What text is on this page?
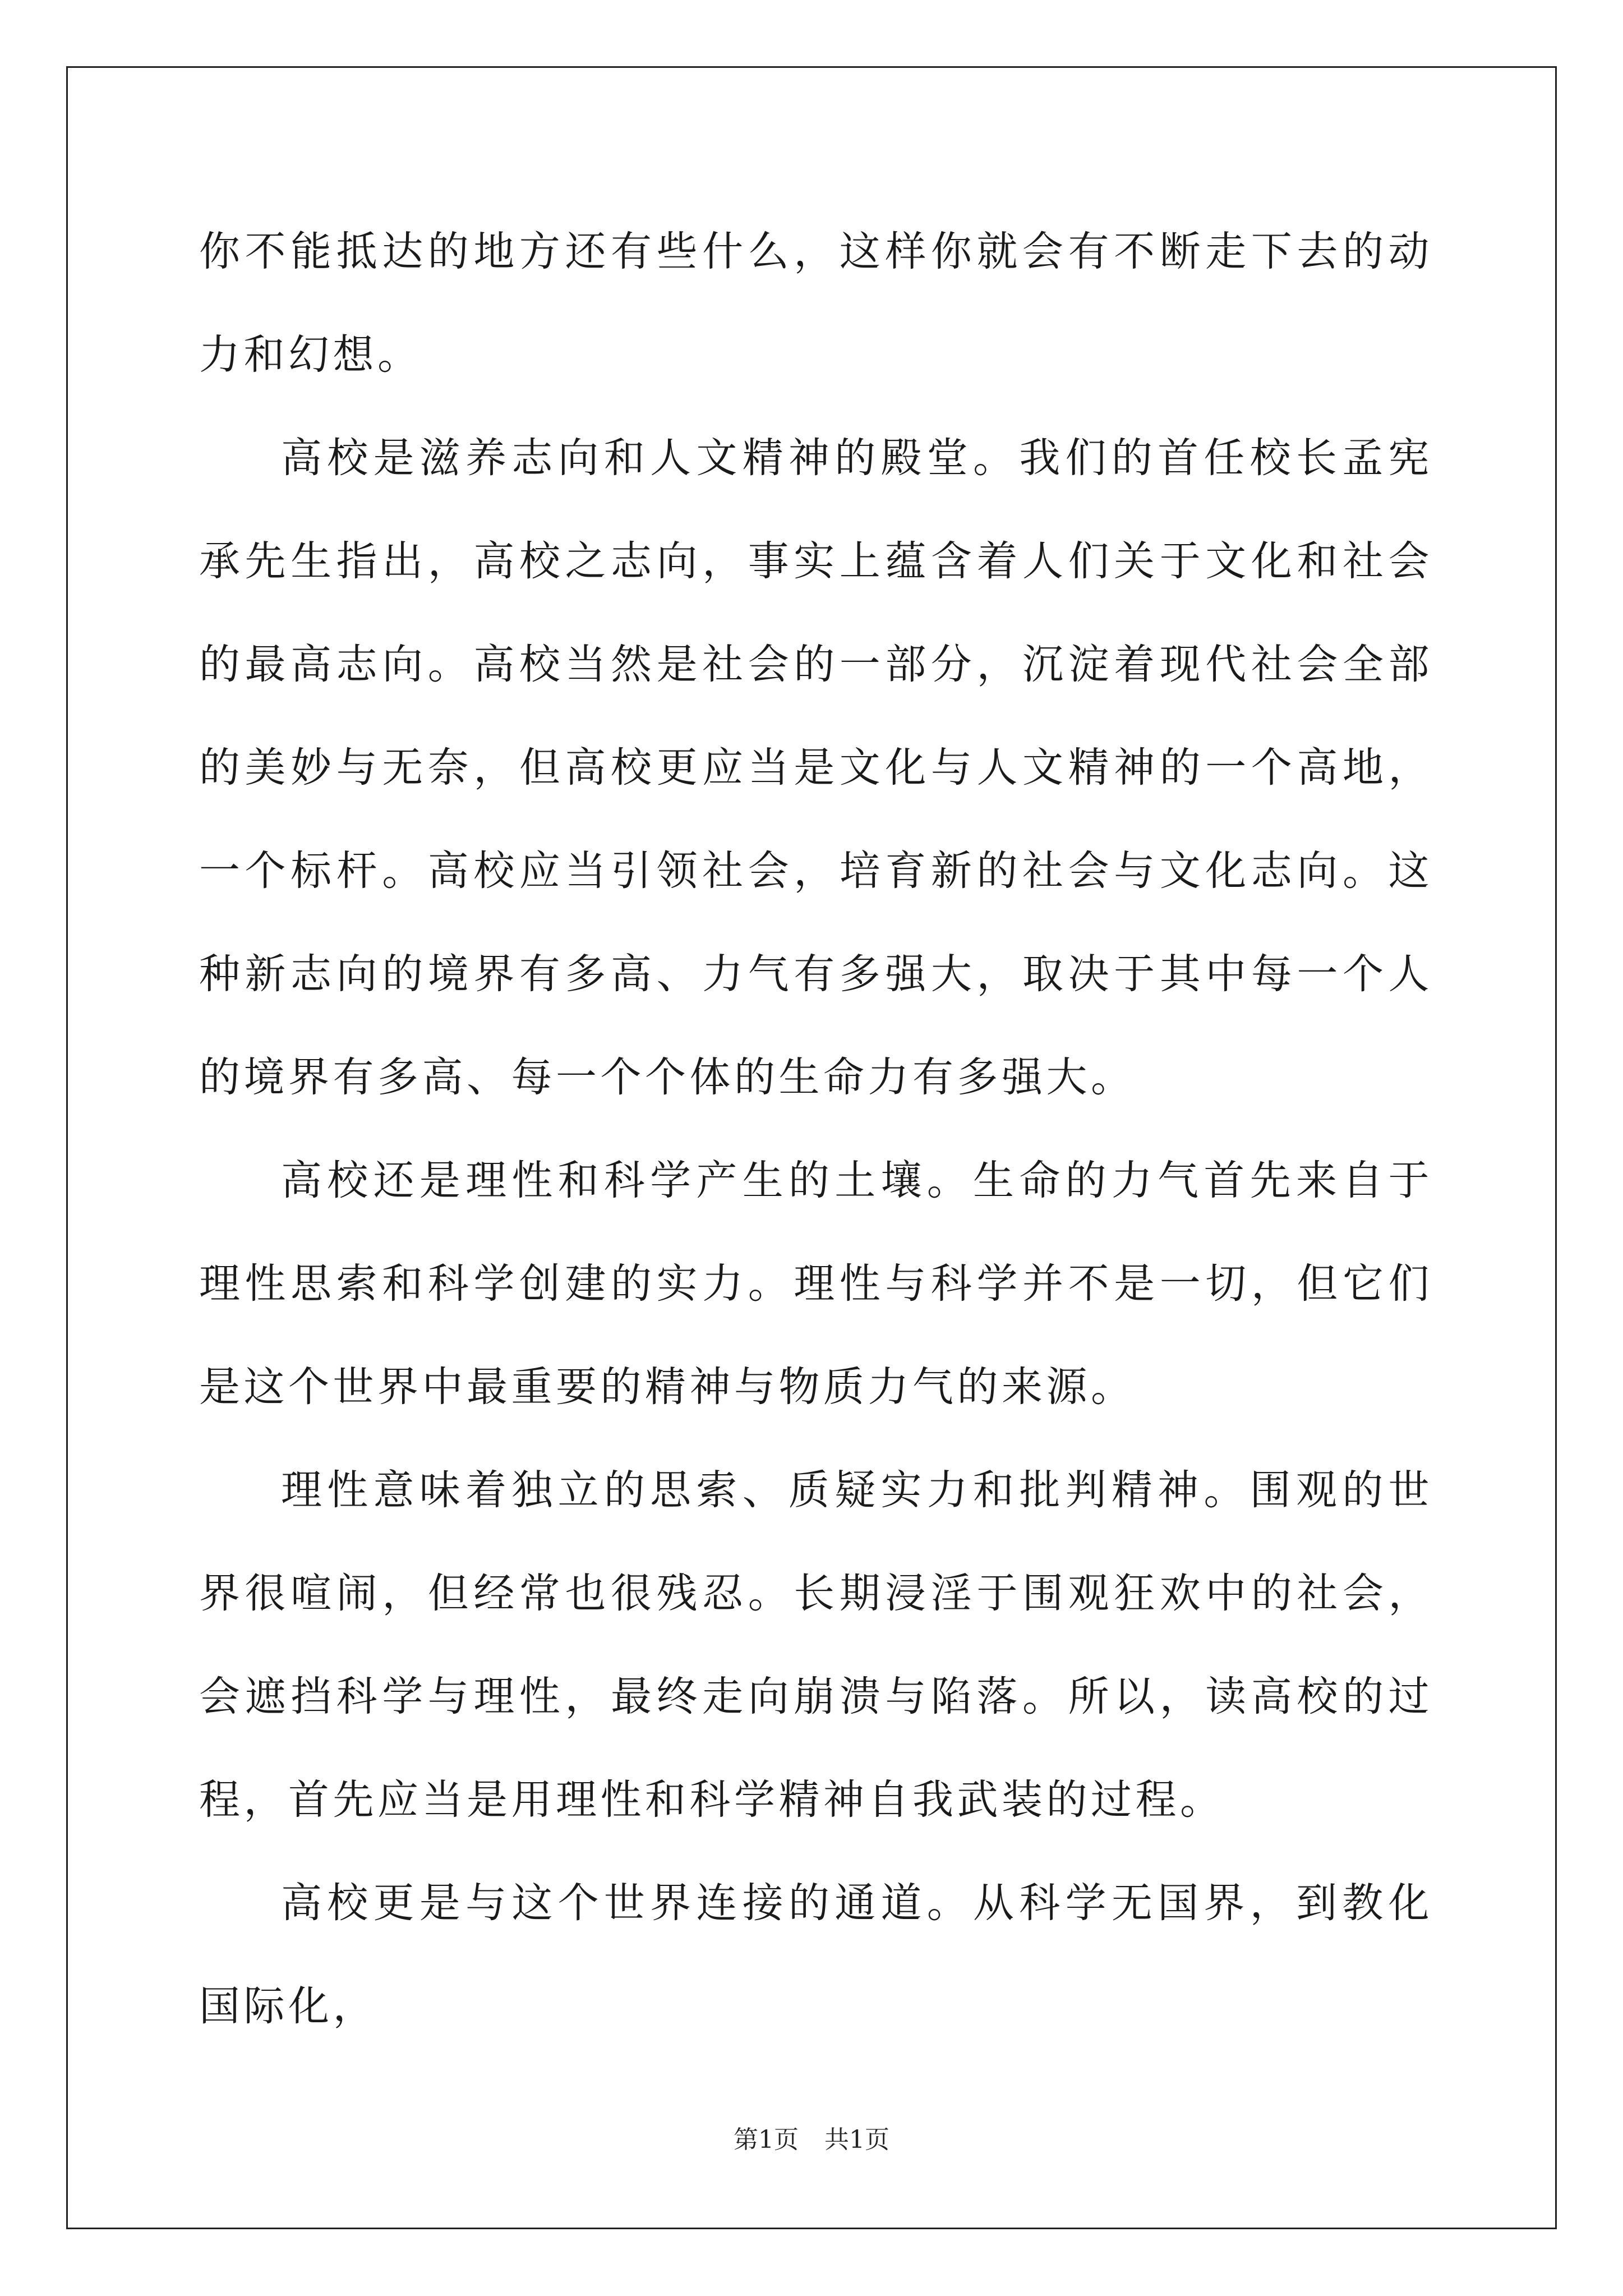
你不能抵达的地方还有些什么，这样你就会有不断走下去的动力和幻想。

高校是滋养志向和人文精神的殿堂。我们的首任校长孟宪承先生指出，高校之志向，事实上蕴含着人们关于文化和社会的最高志向。高校当然是社会的一部分，沉淀着现代社会全部的美妙与无奈，但高校更应当是文化与人文精神的一个高地，一个标杆。高校应当引领社会，培育新的社会与文化志向。这种新志向的境界有多高、力气有多强大，取决于其中每一个人的境界有多高、每一个个体的生命力有多强大。

高校还是理性和科学产生的土壤。生命的力气首先来自于理性思索和科学创建的实力。理性与科学并不是一切，但它们是这个世界中最重要的精神与物质力气的来源。

理性意味着独立的思索、质疑实力和批判精神。围观的世界很喧闹，但经常也很残忍。长期浸淫于围观狂欢中的社会，会遮挡科学与理性，最终走向崩溃与陷落。所以，读高校的过程，首先应当是用理性和科学精神自我武装的过程。

高校更是与这个世界连接的通道。从科学无国界，到教化国际化，

第1页 共1页
